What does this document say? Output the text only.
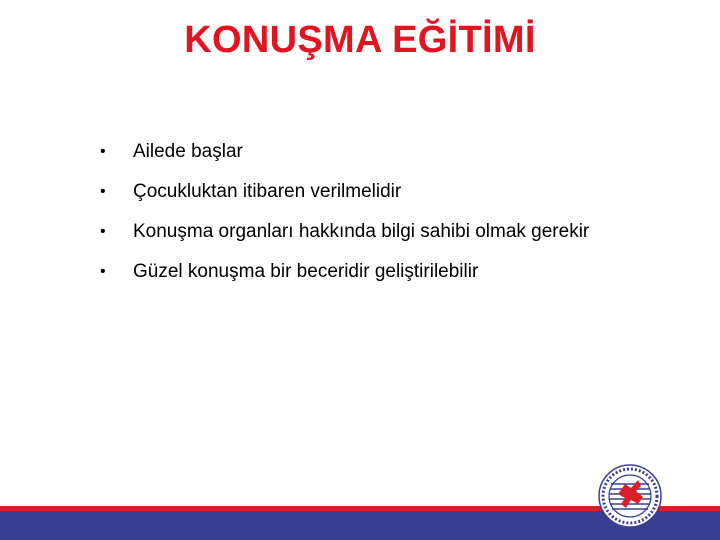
KONUŞMA EĞİTİMİ
•	Ailede başlar
•	Çocukluktan itibaren verilmelidir
•	Konuşma organları hakkında bilgi sahibi olmak gerekir
•	Güzel konuşma bir beceridir geliştirilebilir
